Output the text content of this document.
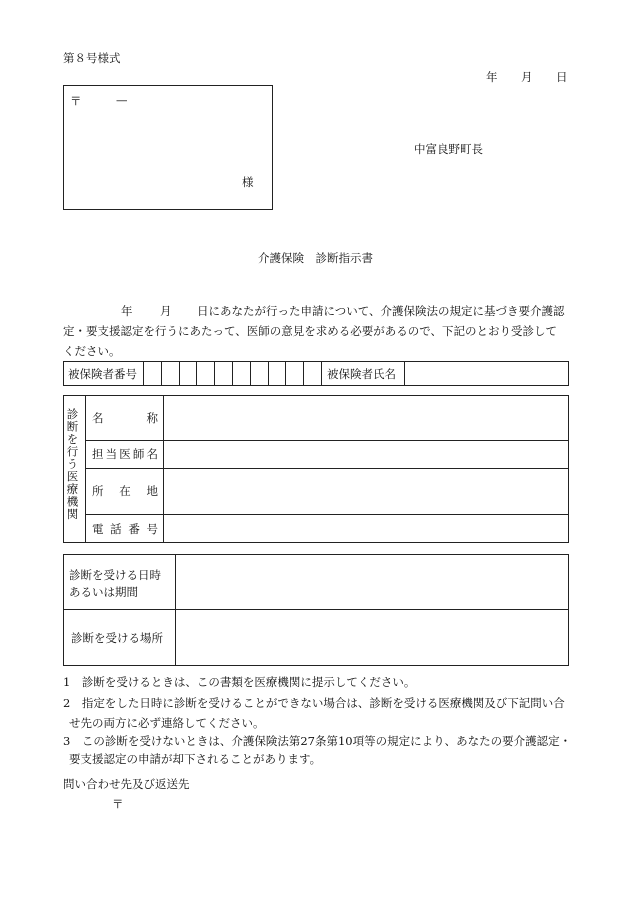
第８号様式
年 月 日
〒	—
様
中富良野町長
介護保険　診断指示書
年 月 日にあなたが行った申請について、介護保険法の規定に基づき要介護認
定・要支援認定を行うにあたって、医師の意見を求める必要があるので、下記のとおり受診して
ください。
被保険者番号	被保険者氏名
診断を行う医療機関 名	称
担 当 医 師 名
所 在 地
電 話 番 号
診断を受ける日時
あるいは期間
診断を受ける場所
1　診断を受けるときは、この書類を医療機関に提示してください。
2　指定をした日時に診断を受けることができない場合は、診断を受ける医療機関及び下記問い合
せ先の両方に必ず連絡してください。
3　この診断を受けないときは、介護保険法第27条第10項等の規定により、あなたの要介護認定・
要支援認定の申請が却下されることがあります。
問い合わせ先及び返送先
〒
